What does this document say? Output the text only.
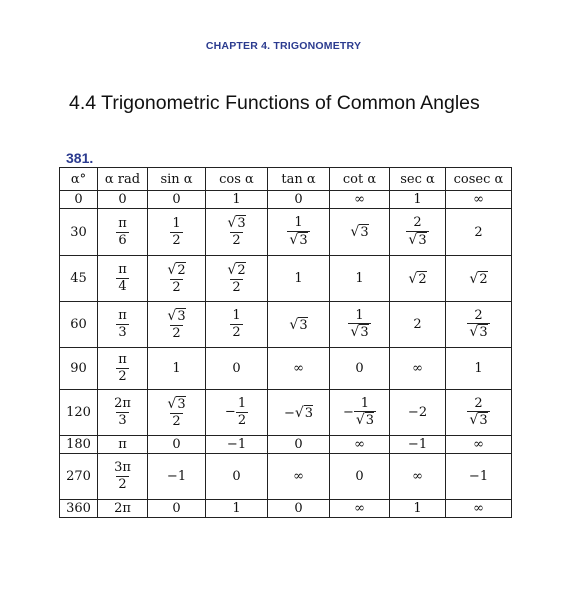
CHAPTER 4. TRIGONOMETRY
4.4 Trigonometric Functions of Common Angles
381.
α°	α rad	sin α	cos α	tan α	cot α	sec α	cosec α
0	0	0	1	0	∞	1	∞
30	$\frac{\pi}{6}$	$\frac{1}{2}$	$\frac{√3}{2}$	$\frac{1}{√3}$	√3	$\frac{2}{√3}$	2
45	$\frac{\pi}{4}$	$\frac{√2}{2}$	$\frac{√2}{2}$	1	1	√2	√2
60	$\frac{\pi}{3}$	$\frac{√3}{2}$	$\frac{1}{2}$	√3	$\frac{1}{√3}$	2	$\frac{2}{√3}$

90	$\frac{\pi}{2}$	1	0	∞	0	∞	1
120	$\frac{2\pi}{3}$	$\frac{√3}{2}$	− $\frac{1}{2}$	−√3	− $\frac{1}{√3}$	−2	$\frac{2}{√3}$

180	π	0	−1	0	∞	−1	∞
270	$\frac{3\pi}{2}$	−1	0	∞	0	∞	−1
360	2π	0	1	0	∞	1	∞
